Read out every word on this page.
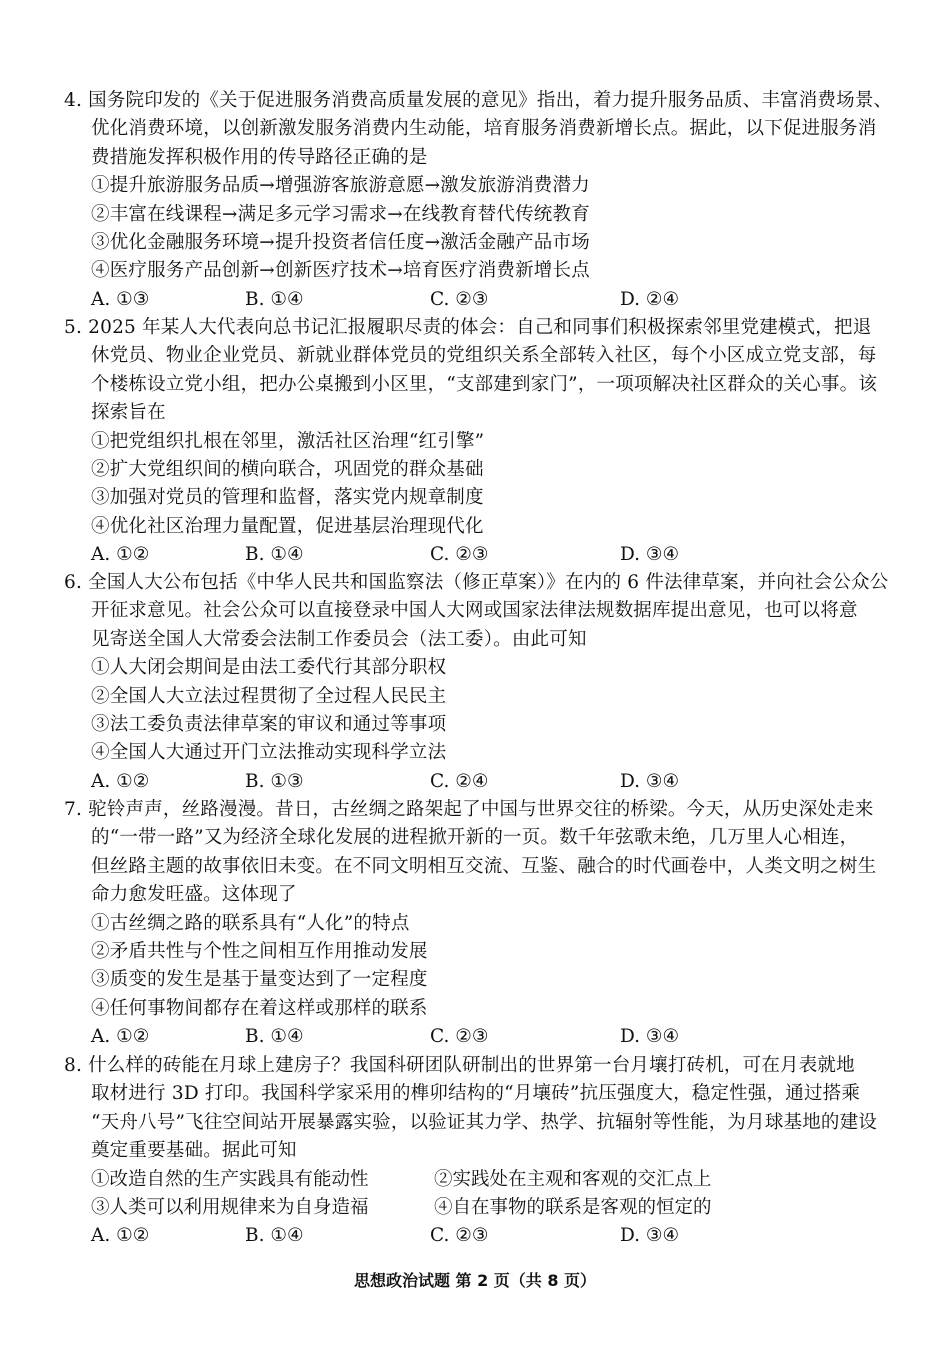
4. 国务院印发的《关于促进服务消费高质量发展的意见》指出，着力提升服务品质、丰富消费场景、
优化消费环境，以创新激发服务消费内生动能，培育服务消费新增长点。据此，以下促进服务消
费措施发挥积极作用的传导路径正确的是
①提升旅游服务品质→增强游客旅游意愿→激发旅游消费潜力
②丰富在线课程→满足多元学习需求→在线教育替代传统教育
③优化金融服务环境→提升投资者信任度→激活金融产品市场
④医疗服务产品创新→创新医疗技术→培育医疗消费新增长点
A. ①③	B. ①④	C. ②③	D. ②④
5. 2025 年某人大代表向总书记汇报履职尽责的体会：自己和同事们积极探索邻里党建模式，把退
休党员、物业企业党员、新就业群体党员的党组织关系全部转入社区，每个小区成立党支部，每
个楼栋设立党小组，把办公桌搬到小区里，“支部建到家门”，一项项解决社区群众的关心事。该
探索旨在
①把党组织扎根在邻里，激活社区治理“红引擎”
②扩大党组织间的横向联合，巩固党的群众基础
③加强对党员的管理和监督，落实党内规章制度
④优化社区治理力量配置，促进基层治理现代化
A. ①②	B. ①④	C. ②③	D. ③④
6. 全国人大公布包括《中华人民共和国监察法（修正草案）》在内的 6 件法律草案，并向社会公众公
开征求意见。社会公众可以直接登录中国人大网或国家法律法规数据库提出意见，也可以将意
见寄送全国人大常委会法制工作委员会（法工委）。由此可知
①人大闭会期间是由法工委代行其部分职权
②全国人大立法过程贯彻了全过程人民民主
③法工委负责法律草案的审议和通过等事项
④全国人大通过开门立法推动实现科学立法
A. ①②	B. ①③	C. ②④	D. ③④
7. 驼铃声声，丝路漫漫。昔日，古丝绸之路架起了中国与世界交往的桥梁。今天，从历史深处走来
的“一带一路”又为经济全球化发展的进程掀开新的一页。数千年弦歌未绝，几万里人心相连，
但丝路主题的故事依旧未变。在不同文明相互交流、互鉴、融合的时代画卷中，人类文明之树生
命力愈发旺盛。这体现了
①古丝绸之路的联系具有“人化”的特点
②矛盾共性与个性之间相互作用推动发展
③质变的发生是基于量变达到了一定程度
④任何事物间都存在着这样或那样的联系
A. ①②	B. ①④	C. ②③	D. ③④
8. 什么样的砖能在月球上建房子？我国科研团队研制出的世界第一台月壤打砖机，可在月表就地
取材进行 3D 打印。我国科学家采用的榫卯结构的“月壤砖”抗压强度大，稳定性强，通过搭乘
“天舟八号”飞往空间站开展暴露实验，以验证其力学、热学、抗辐射等性能，为月球基地的建设
奠定重要基础。据此可知
①改造自然的生产实践具有能动性	②实践处在主观和客观的交汇点上
③人类可以利用规律来为自身造福	④自在事物的联系是客观的恒定的
A. ①②	B. ①④	C. ②③	D. ③④
思想政治试题 第 2 页（共 8 页）
